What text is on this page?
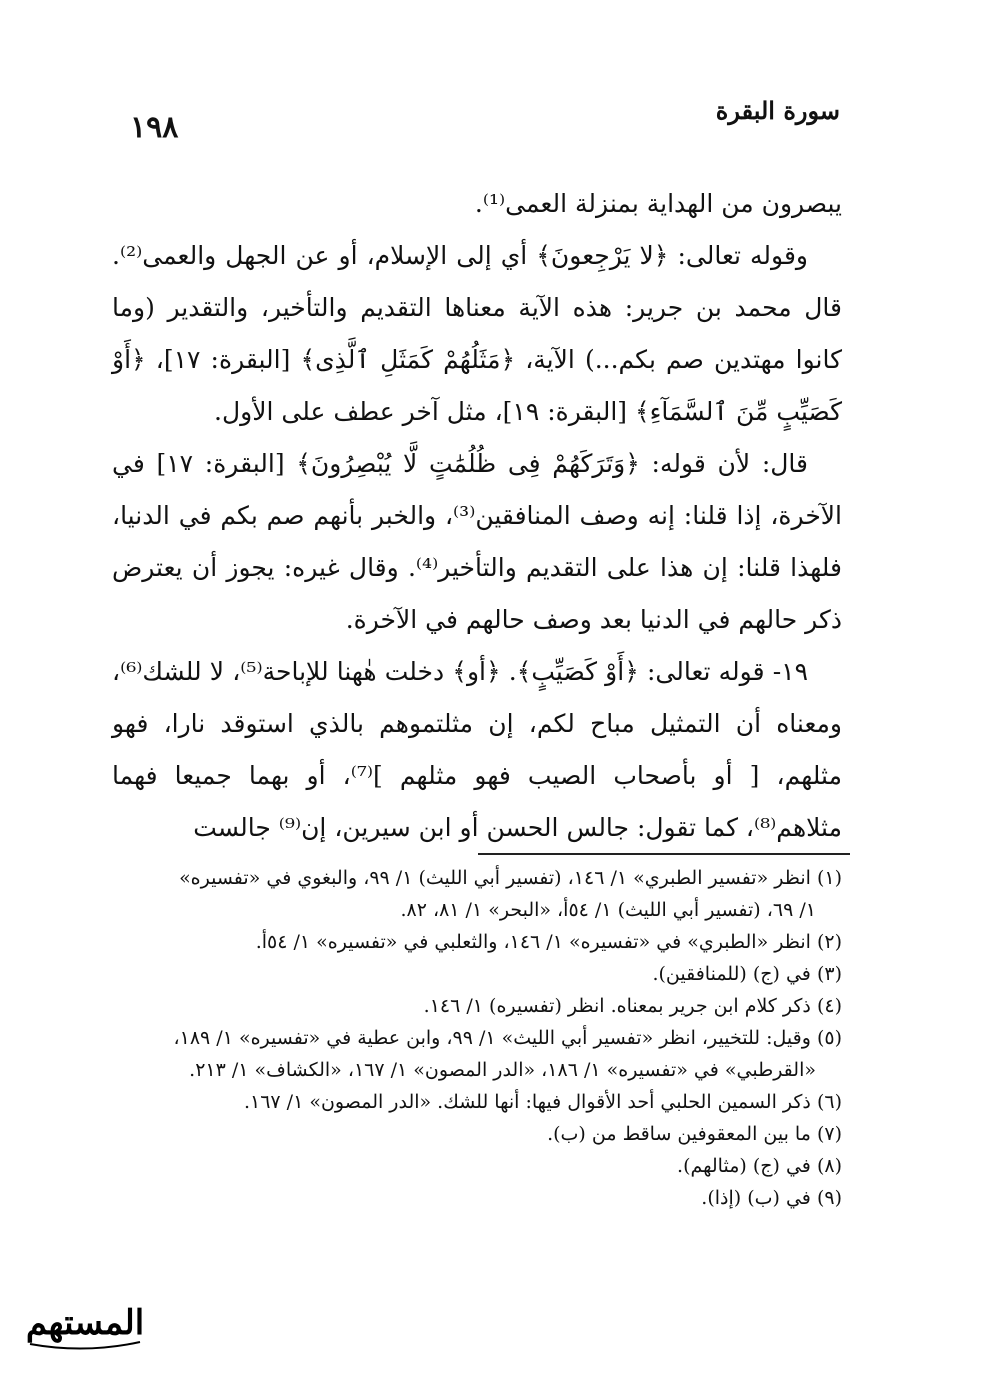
١٩٨	سورة البقرة

يبصرون من الهداية بمنزلة العمى⁽¹⁾.

وقوله تعالى: ﴿لا يَرْجِعونَ﴾ أي إلى الإسلام، أو عن الجهل والعمى⁽²⁾. قال محمد بن جرير: هذه الآية معناها التقديم والتأخير، والتقدير (وما كانوا مهتدين صم بكم...) الآية، ﴿مَثَلُهُمْ كَمَثَلِ ٱلَّذِى﴾ [البقرة: ١٧]، ﴿أَوْ كَصَيِّبٍ مِّنَ ٱلسَّمَآءِ﴾ [البقرة: ١٩]، مثل آخر عطف على الأول.

قال: لأن قوله: ﴿وَتَرَكَهُمْ فِى ظُلُمَٰتٍ لَّا يُبْصِرُونَ﴾ [البقرة: ١٧] في الآخرة، إذا قلنا: إنه وصف المنافقين⁽³⁾، والخبر بأنهم صم بكم في الدنيا، فلهذا قلنا: إن هذا على التقديم والتأخير⁽⁴⁾. وقال غيره: يجوز أن يعترض ذكر حالهم في الدنيا بعد وصف حالهم في الآخرة.

١٩- قوله تعالى: ﴿أَوْ كَصَيِّبٍ﴾. ﴿أو﴾ دخلت هٰهنا للإباحة⁽⁵⁾، لا للشك⁽⁶⁾، ومعناه أن التمثيل مباح لكم، إن مثلتموهم بالذي استوقد نارا، فهو مثلهم، [ أو بأصحاب الصيب فهو مثلهم ]⁽⁷⁾، أو بهما جميعا فهما مثلاهم⁽⁸⁾، كما تقول: جالس الحسن أو ابن سيرين، إن⁽⁹⁾ جالست

(١) انظر «تفسير الطبري» ١/ ١٤٦، (تفسير أبي الليث) ١/ ٩٩، والبغوي في «تفسيره»
١/ ٦٩، (تفسير أبي الليث) ١/ ٥٤أ، «البحر» ١/ ٨١، ٨٢.

(٢) انظر «الطبري» في «تفسيره» ١/ ١٤٦، والثعلبي في «تفسيره» ١/ ٥٤أ.

(٣) في (ج) (للمنافقين).

(٤) ذكر كلام ابن جرير بمعناه. انظر (تفسيره) ١/ ١٤٦.

(٥) وقيل: للتخيير، انظر «تفسير أبي الليث» ١/ ٩٩، وابن عطية في «تفسيره» ١/ ١٨٩،
«القرطبي» في «تفسيره» ١/ ١٨٦، «الدر المصون» ١/ ١٦٧، «الكشاف» ١/ ٢١٣.

(٦) ذكر السمين الحلبي أحد الأقوال فيها: أنها للشك. «الدر المصون» ١/ ١٦٧.

(٧) ما بين المعقوفين ساقط من (ب).

(٨) في (ج) (مثالهم).

(٩) في (ب) (إذا).

المستهم
